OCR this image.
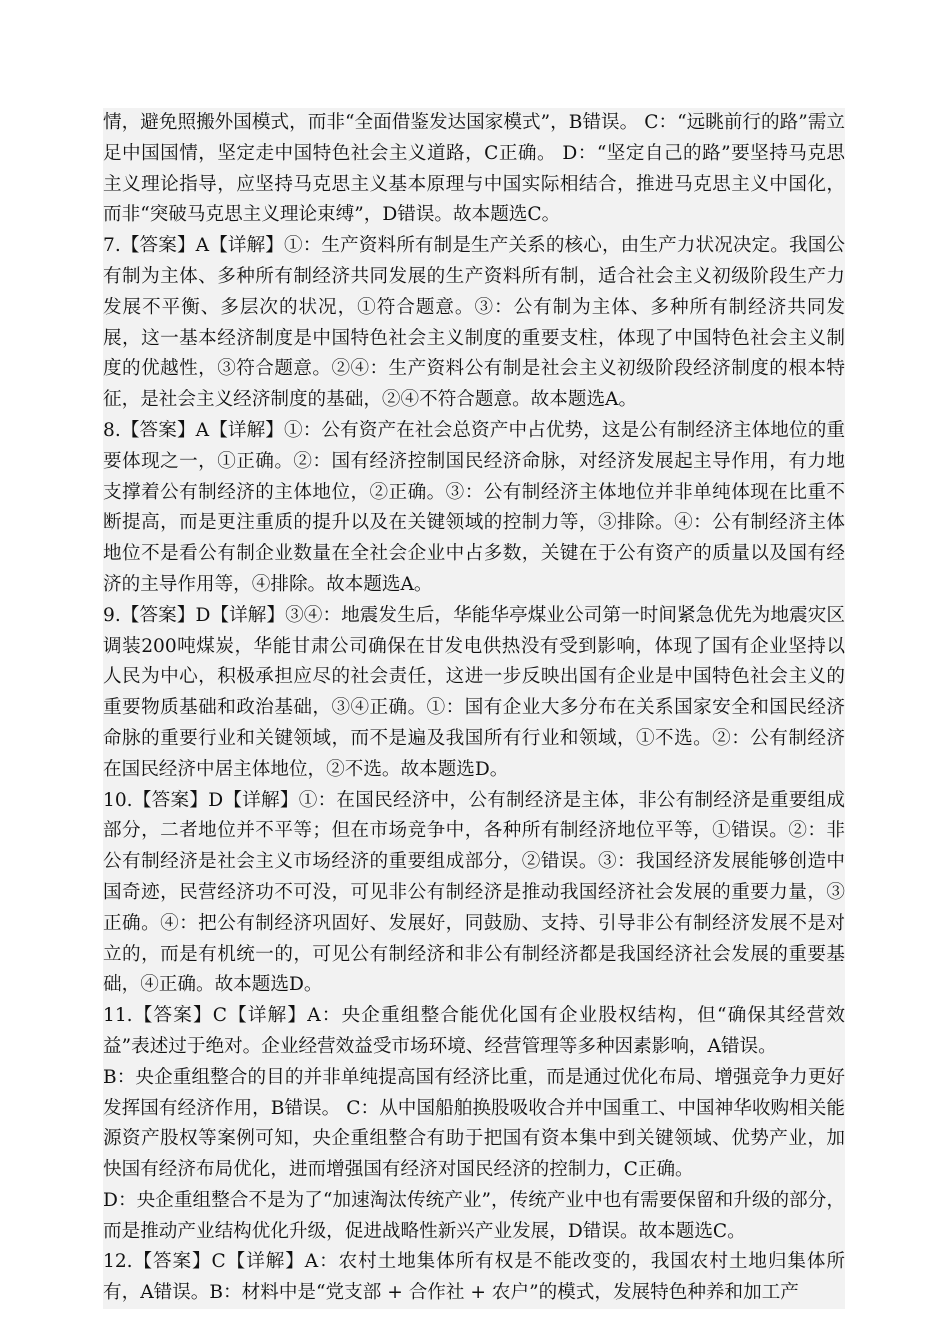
情，避免照搬外国模式，而非“全面借鉴发达国家模式”，B错误。 C：“远眺前行的路”需立足中国国情，坚定走中国特色社会主义道路，C正确。 D：“坚定自己的路”要坚持马克思主义理论指导，应坚持马克思主义基本原理与中国实际相结合，推进马克思主义中国化，而非“突破马克思主义理论束缚”，D错误。故本题选C。

7.【答案】A【详解】①：生产资料所有制是生产关系的核心，由生产力状况决定。我国公有制为主体、多种所有制经济共同发展的生产资料所有制，适合社会主义初级阶段生产力发展不平衡、多层次的状况，①符合题意。③：公有制为主体、多种所有制经济共同发展，这一基本经济制度是中国特色社会主义制度的重要支柱，体现了中国特色社会主义制度的优越性，③符合题意。②④：生产资料公有制是社会主义初级阶段经济制度的根本特征，是社会主义经济制度的基础，②④不符合题意。故本题选A。

8.【答案】A【详解】①：公有资产在社会总资产中占优势，这是公有制经济主体地位的重要体现之一，①正确。②：国有经济控制国民经济命脉，对经济发展起主导作用，有力地支撑着公有制经济的主体地位，②正确。③：公有制经济主体地位并非单纯体现在比重不断提高，而是更注重质的提升以及在关键领域的控制力等，③排除。④：公有制经济主体地位不是看公有制企业数量在全社会企业中占多数，关键在于公有资产的质量以及国有经济的主导作用等，④排除。故本题选A。

9.【答案】D【详解】③④：地震发生后，华能华亭煤业公司第一时间紧急优先为地震灾区调装200吨煤炭，华能甘肃公司确保在甘发电供热没有受到影响，体现了国有企业坚持以人民为中心，积极承担应尽的社会责任，这进一步反映出国有企业是中国特色社会主义的重要物质基础和政治基础，③④正确。①：国有企业大多分布在关系国家安全和国民经济命脉的重要行业和关键领域，而不是遍及我国所有行业和领域，①不选。②：公有制经济在国民经济中居主体地位，②不选。故本题选D。

10.【答案】D【详解】①：在国民经济中，公有制经济是主体，非公有制经济是重要组成部分，二者地位并不平等；但在市场竞争中，各种所有制经济地位平等，①错误。②：非公有制经济是社会主义市场经济的重要组成部分，②错误。③：我国经济发展能够创造中国奇迹，民营经济功不可没，可见非公有制经济是推动我国经济社会发展的重要力量，③正确。④：把公有制经济巩固好、发展好，同鼓励、支持、引导非公有制经济发展不是对立的，而是有机统一的，可见公有制经济和非公有制经济都是我国经济社会发展的重要基础，④正确。故本题选D。

11.【答案】C【详解】A：央企重组整合能优化国有企业股权结构，但“确保其经营效益”表述过于绝对。企业经营效益受市场环境、经营管理等多种因素影响，A错误。

B：央企重组整合的目的并非单纯提高国有经济比重，而是通过优化布局、增强竞争力更好发挥国有经济作用，B错误。 C：从中国船舶换股吸收合并中国重工、中国神华收购相关能源资产股权等案例可知，央企重组整合有助于把国有资本集中到关键领域、优势产业，加快国有经济布局优化，进而增强国有经济对国民经济的控制力，C正确。

D：央企重组整合不是为了“加速淘汰传统产业”，传统产业中也有需要保留和升级的部分，而是推动产业结构优化升级，促进战略性新兴产业发展，D错误。故本题选C。

12.【答案】C【详解】A：农村土地集体所有权是不能改变的，我国农村土地归集体所有，A错误。B：材料中是“党支部 + 合作社 + 农户”的模式，发展特色种养和加工产
